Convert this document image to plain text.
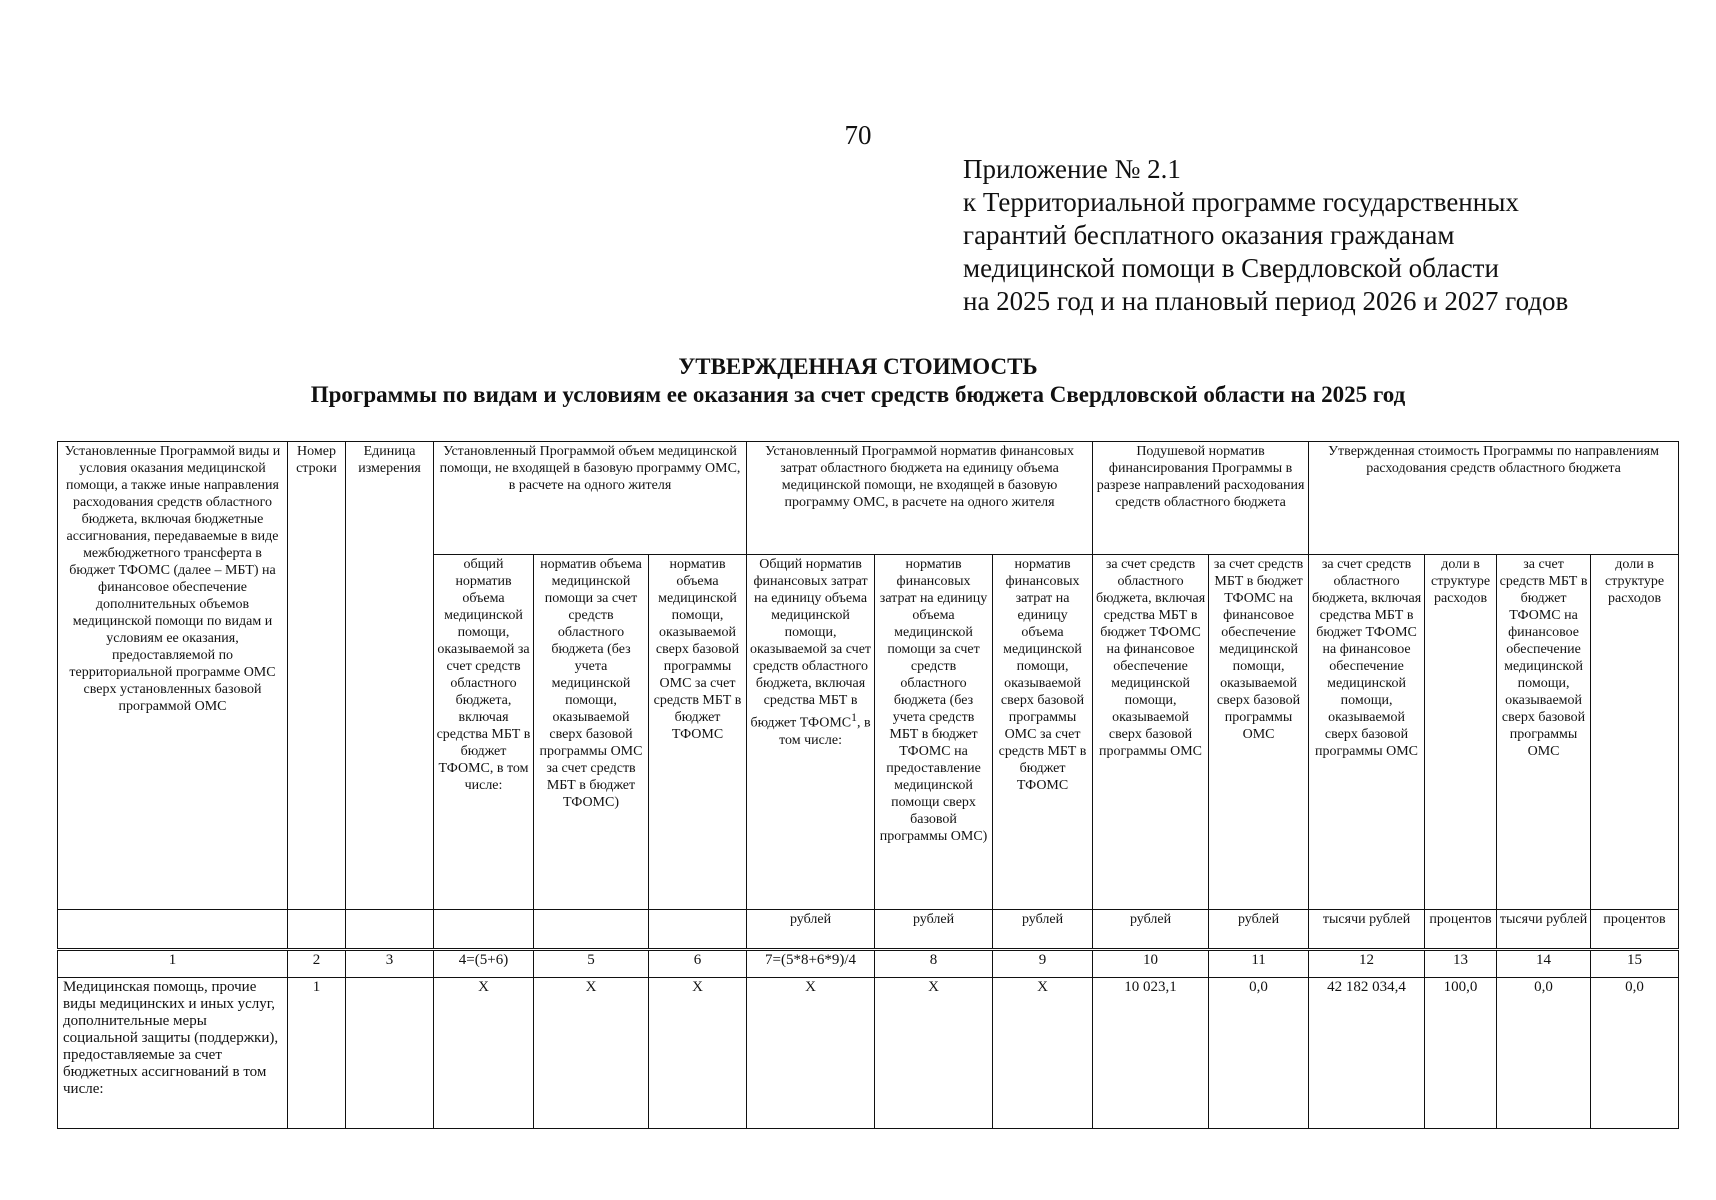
70
Приложение № 2.1
к Территориальной программе государственных
гарантий бесплатного оказания гражданам
медицинской помощи в Свердловской области
на 2025 год и на плановый период 2026 и 2027 годов
УТВЕРЖДЕННАЯ СТОИМОСТЬ
Программы по видам и условиям ее оказания за счет средств бюджета Свердловской области на 2025 год
Установленные Программой виды и условия оказания медицинской помощи, а также иные направления расходования средств областного бюджета, включая бюджетные ассигнования, передаваемые в виде межбюджетного трансферта в бюджет ТФОМС (далее – МБТ) на финансовое обеспечение дополнительных объемов медицинской помощи по видам и условиям ее оказания, предоставляемой по территориальной программе ОМС сверх установленных базовой программой ОМС	Номер строки	Единица измерения	Установленный Программой объем медицинской помощи, не входящей в базовую программу ОМС, в расчете на одного жителя			Установленный Программой норматив финансовых затрат областного бюджета на единицу объема медицинской помощи, не входящей в базовую программу ОМС, в расчете на одного жителя			Подушевой норматив финансирования Программы в разрезе направлений расходования средств областного бюджета		Утвержденная стоимость Программы по направлениям расходования средств областного бюджета			
			общий норматив объема медицинской помощи, оказываемой за счет средств областного бюджета, включая средства МБТ в бюджет ТФОМС, в том числе:	норматив объема медицинской помощи за счет средств областного бюджета (без учета медицинской помощи, оказываемой сверх базовой программы ОМС за счет средств МБТ в бюджет ТФОМС)	норматив объема медицинской помощи, оказываемой сверх базовой программы ОМС за счет средств МБТ в бюджет ТФОМС	Общий норматив финансовых затрат на единицу объема медицинской помощи, оказываемой за счет средств областного бюджета, включая средства МБТ в бюджет ТФОМС$^1$, в том числе:	норматив финансовых затрат на единицу объема медицинской помощи за счет средств областного бюджета (без учета средств МБТ в бюджет ТФОМС на предоставление медицинской помощи сверх базовой программы ОМС)	норматив финансовых затрат на единицу объема медицинской помощи, оказываемой сверх базовой программы ОМС за счет средств МБТ в бюджет ТФОМС	за счет средств областного бюджета, включая средства МБТ в бюджет ТФОМС на финансовое обеспечение медицинской помощи, оказываемой сверх базовой программы ОМС	за счет средств МБТ в бюджет ТФОМС на финансовое обеспечение медицинской помощи, оказываемой сверх базовой программы ОМС	за счет средств областного бюджета, включая средства МБТ в бюджет ТФОМС на финансовое обеспечение медицинской помощи, оказываемой сверх базовой программы ОМС	доли в структуре расходов	за счет средств МБТ в бюджет ТФОМС на финансовое обеспечение медицинской помощи, оказываемой сверх базовой программы ОМС	доли в структуре расходов
						рублей	рублей	рублей	рублей	рублей	тысячи рублей	процентов	тысячи рублей	процентов
1	2	3	4=(5+6)	5	6	7=(5*8+6*9)/4	8	9	10	11	12	13	14	15
Медицинская помощь, прочие виды медицинских и иных услуг, дополнительные меры социальной защиты (поддержки), предоставляемые за счет бюджетных ассигнований в том числе:	1		Х	Х	Х	Х	Х	Х	10 023,1	0,0	42 182 034,4	100,0	0,0	0,0
